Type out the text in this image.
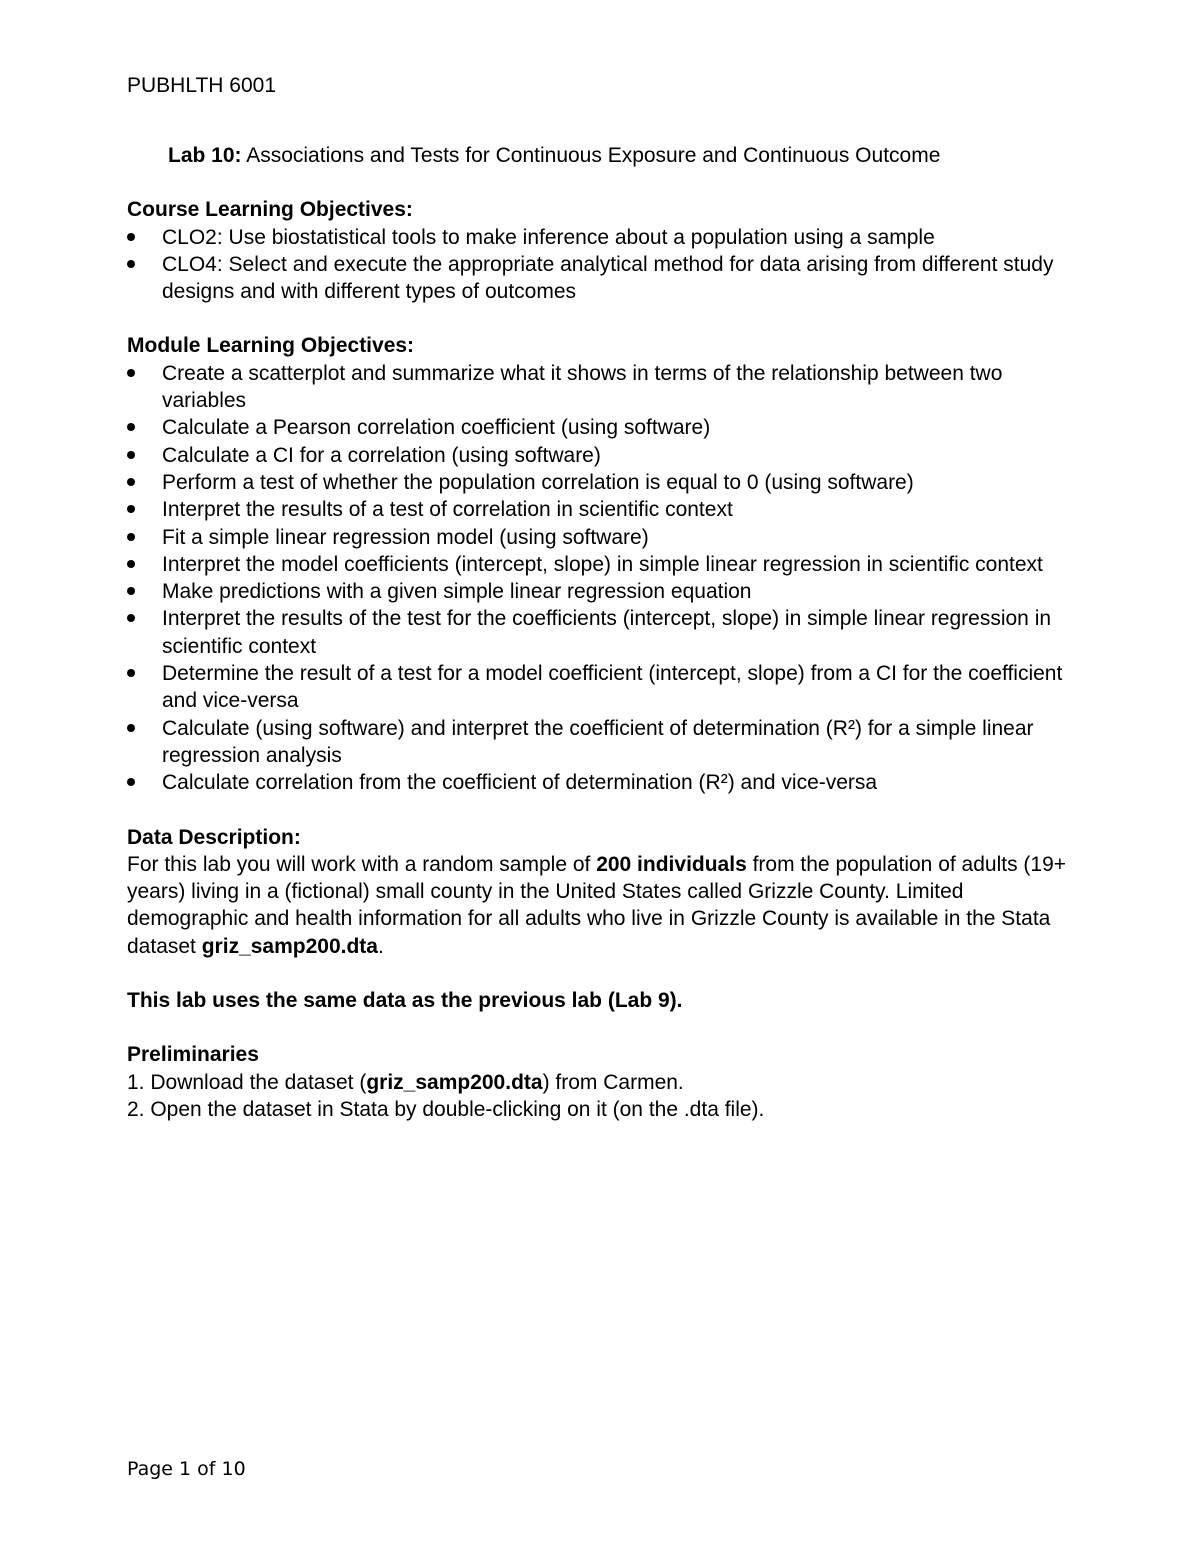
PUBHLTH 6001
Lab 10: Associations and Tests for Continuous Exposure and Continuous Outcome

Course Learning Objectives:

CLO2: Use biostatistical tools to make inference about a population using a sample
CLO4: Select and execute the appropriate analytical method for data arising from different study designs and with different types of outcomes

Module Learning Objectives:

Create a scatterplot and summarize what it shows in terms of the relationship between two variables
Calculate a Pearson correlation coefficient (using software)
Calculate a CI for a correlation (using software)
Perform a test of whether the population correlation is equal to 0 (using software)
Interpret the results of a test of correlation in scientific context
Fit a simple linear regression model (using software)
Interpret the model coefficients (intercept, slope) in simple linear regression in scientific context
Make predictions with a given simple linear regression equation
Interpret the results of the test for the coefficients (intercept, slope) in simple linear regression in scientific context
Determine the result of a test for a model coefficient (intercept, slope) from a CI for the coefficient and vice-versa
Calculate (using software) and interpret the coefficient of determination (R²) for a simple linear regression analysis
Calculate correlation from the coefficient of determination (R²) and vice-versa

Data Description:

For this lab you will work with a random sample of 200 individuals from the population of adults (19+ years) living in a (fictional) small county in the United States called Grizzle County. Limited demographic and health information for all adults who live in Grizzle County is available in the Stata dataset griz_samp200.dta.

This lab uses the same data as the previous lab (Lab 9).

Preliminaries

1. Download the dataset (griz_samp200.dta) from Carmen.

2. Open the dataset in Stata by double-clicking on it (on the .dta file).

Page 1 of 10
